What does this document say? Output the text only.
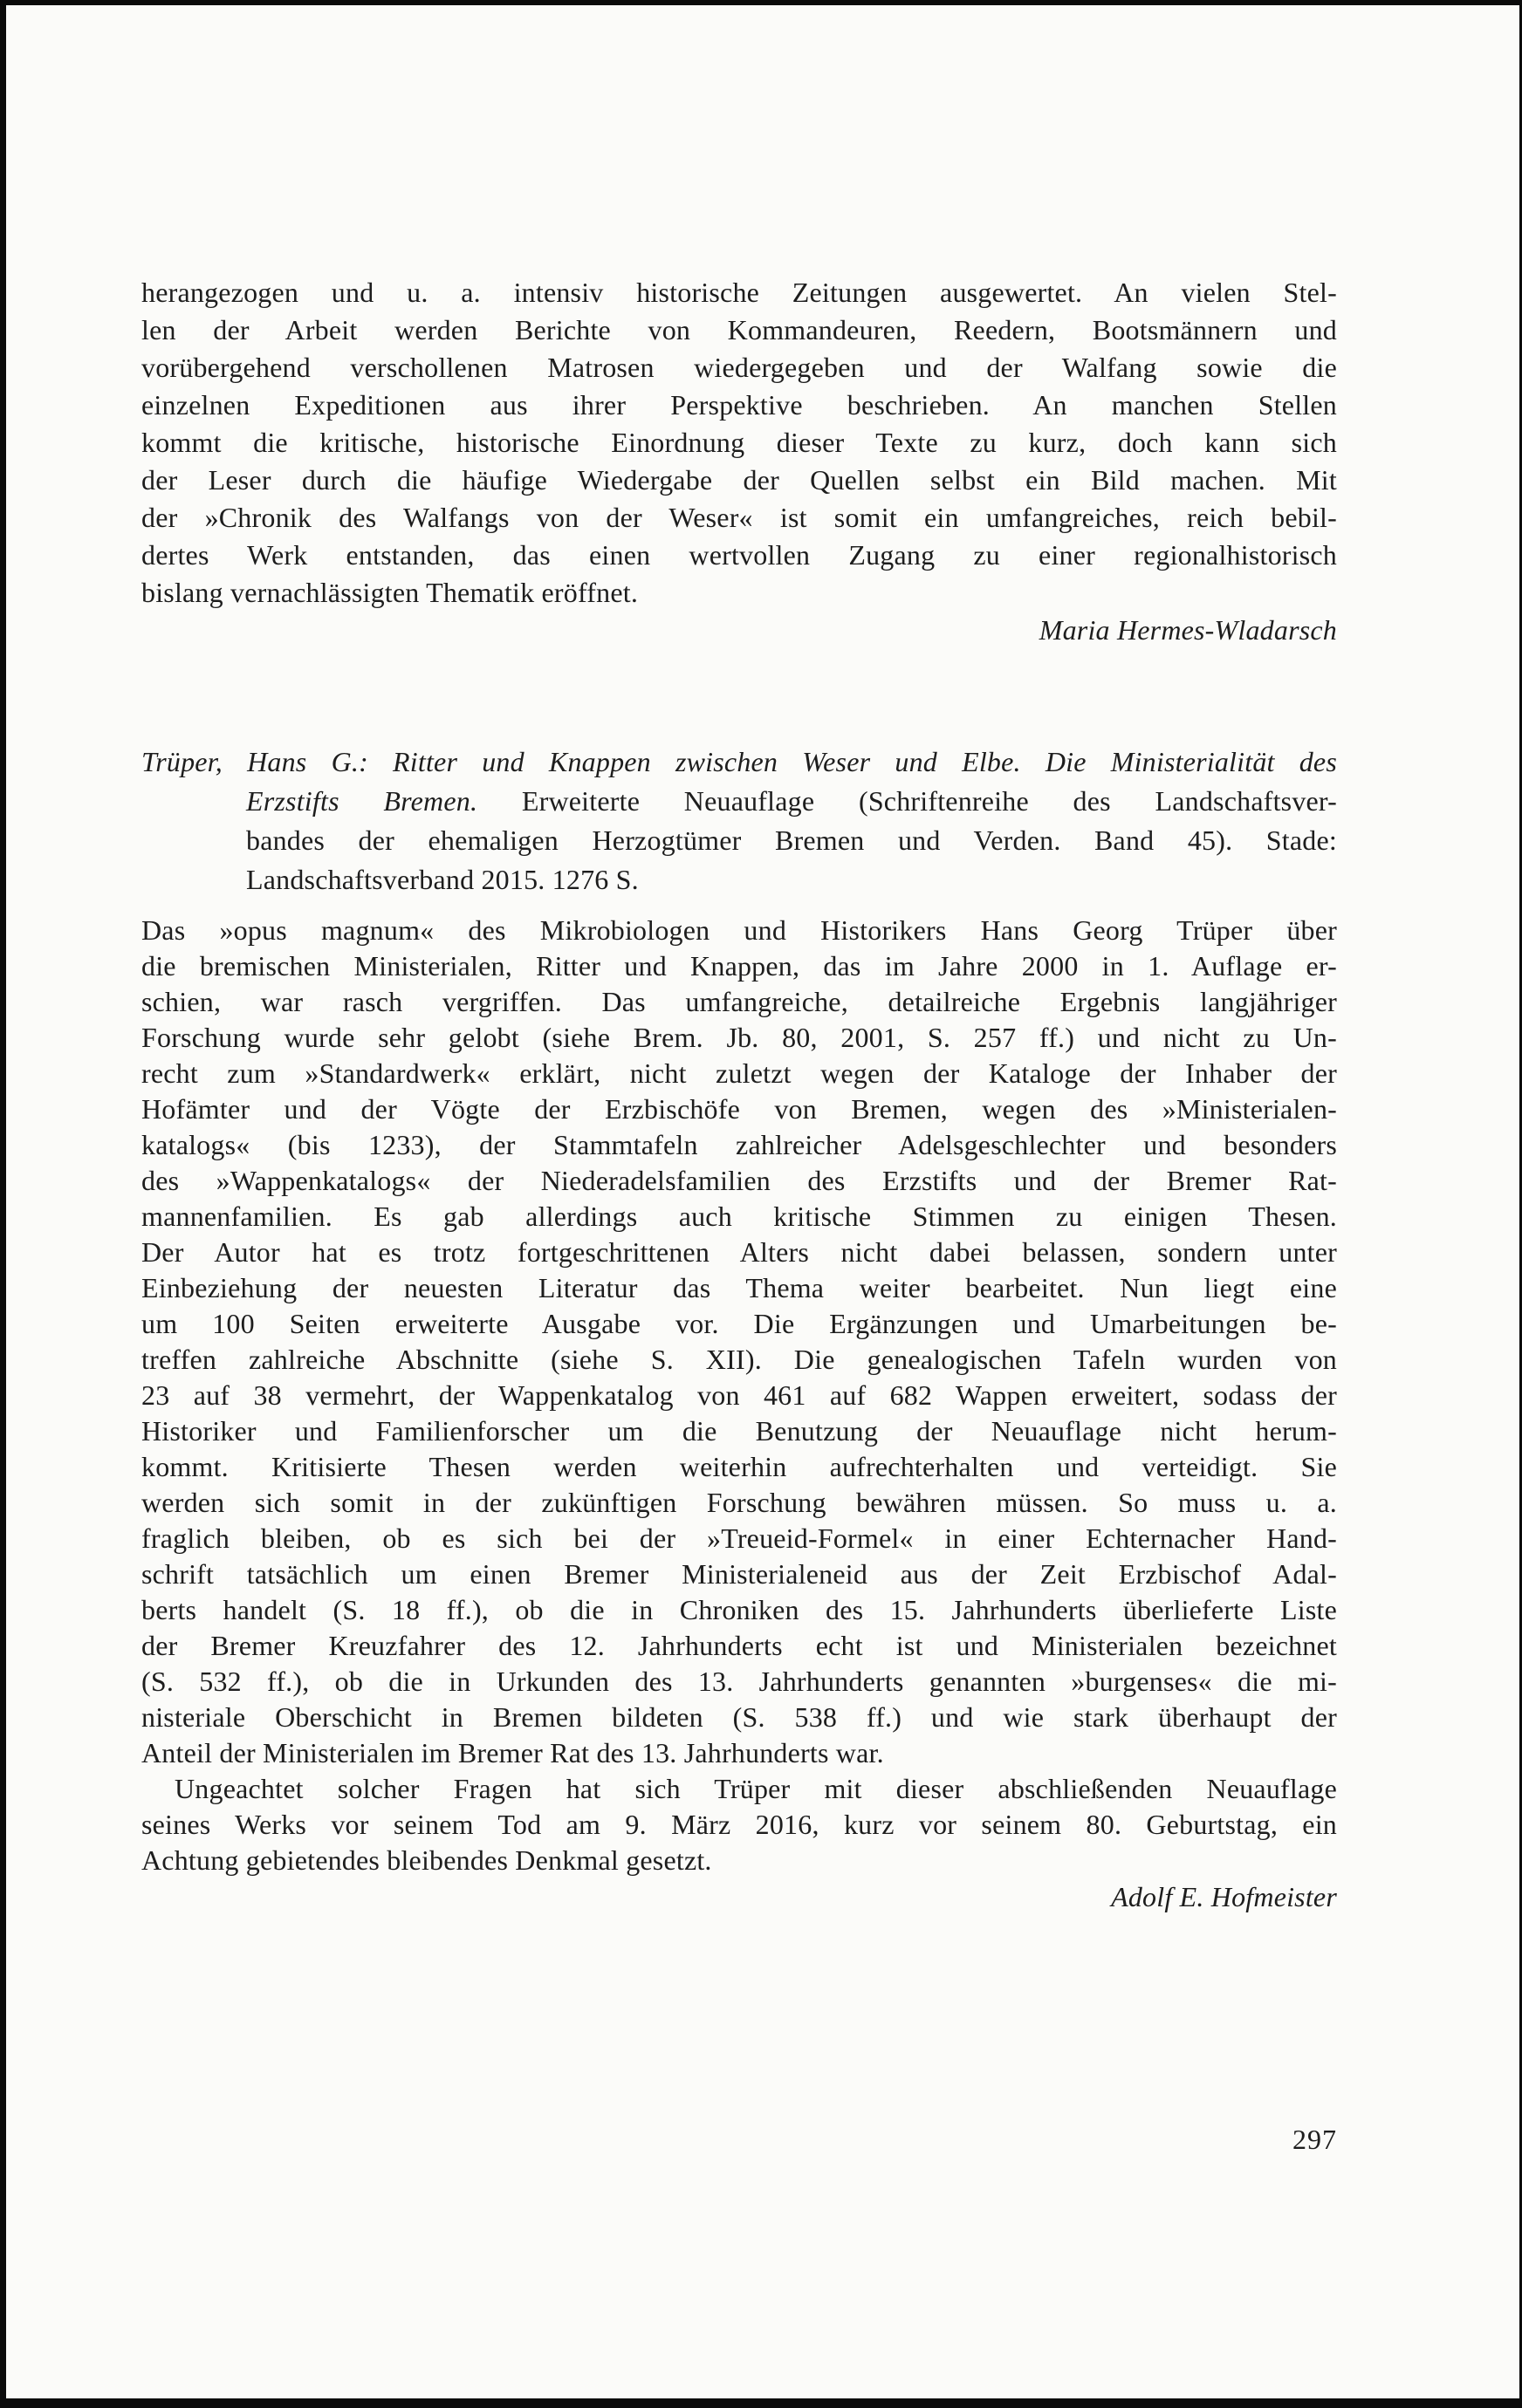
herangezogen und u. a. intensiv historische Zeitungen ausgewertet. An vielen Stel-
len der Arbeit werden Berichte von Kommandeuren, Reedern, Bootsmännern und
vorübergehend verschollenen Matrosen wiedergegeben und der Walfang sowie die
einzelnen Expeditionen aus ihrer Perspektive beschrieben. An manchen Stellen
kommt die kritische, historische Einordnung dieser Texte zu kurz, doch kann sich
der Leser durch die häufige Wiedergabe der Quellen selbst ein Bild machen. Mit
der »Chronik des Walfangs von der Weser« ist somit ein umfangreiches, reich bebil-
dertes Werk entstanden, das einen wertvollen Zugang zu einer regionalhistorisch
bislang vernachlässigten Thematik eröffnet.
Maria Hermes-Wladarsch
Trüper, Hans G.: Ritter und Knappen zwischen Weser und Elbe. Die Ministerialität des
Erzstifts Bremen. Erweiterte Neuauflage (Schriftenreihe des Landschaftsver-
bandes der ehemaligen Herzogtümer Bremen und Verden. Band 45). Stade:
Landschaftsverband 2015. 1276 S.
Das »opus magnum« des Mikrobiologen und Historikers Hans Georg Trüper über
die bremischen Ministerialen, Ritter und Knappen, das im Jahre 2000 in 1. Auflage er-
schien, war rasch vergriffen. Das umfangreiche, detailreiche Ergebnis langjähriger
Forschung wurde sehr gelobt (siehe Brem. Jb. 80, 2001, S. 257 ff.) und nicht zu Un-
recht zum »Standardwerk« erklärt, nicht zuletzt wegen der Kataloge der Inhaber der
Hofämter und der Vögte der Erzbischöfe von Bremen, wegen des »Ministerialen-
katalogs« (bis 1233), der Stammtafeln zahlreicher Adelsgeschlechter und besonders
des »Wappenkatalogs« der Niederadelsfamilien des Erzstifts und der Bremer Rat-
mannenfamilien. Es gab allerdings auch kritische Stimmen zu einigen Thesen.
Der Autor hat es trotz fortgeschrittenen Alters nicht dabei belassen, sondern unter
Einbeziehung der neuesten Literatur das Thema weiter bearbeitet. Nun liegt eine
um 100 Seiten erweiterte Ausgabe vor. Die Ergänzungen und Umarbeitungen be-
treffen zahlreiche Abschnitte (siehe S. XII). Die genealogischen Tafeln wurden von
23 auf 38 vermehrt, der Wappenkatalog von 461 auf 682 Wappen erweitert, sodass der
Historiker und Familienforscher um die Benutzung der Neuauflage nicht herum-
kommt. Kritisierte Thesen werden weiterhin aufrechterhalten und verteidigt. Sie
werden sich somit in der zukünftigen Forschung bewähren müssen. So muss u. a.
fraglich bleiben, ob es sich bei der »Treueid-Formel« in einer Echternacher Hand-
schrift tatsächlich um einen Bremer Ministerialeneid aus der Zeit Erzbischof Adal-
berts handelt (S. 18 ff.), ob die in Chroniken des 15. Jahrhunderts überlieferte Liste
der Bremer Kreuzfahrer des 12. Jahrhunderts echt ist und Ministerialen bezeichnet
(S. 532 ff.), ob die in Urkunden des 13. Jahrhunderts genannten »burgenses« die mi-
nisteriale Oberschicht in Bremen bildeten (S. 538 ff.) und wie stark überhaupt der
Anteil der Ministerialen im Bremer Rat des 13. Jahrhunderts war.
Ungeachtet solcher Fragen hat sich Trüper mit dieser abschließenden Neuauflage
seines Werks vor seinem Tod am 9. März 2016, kurz vor seinem 80. Geburtstag, ein
Achtung gebietendes bleibendes Denkmal gesetzt.
Adolf E. Hofmeister
297
